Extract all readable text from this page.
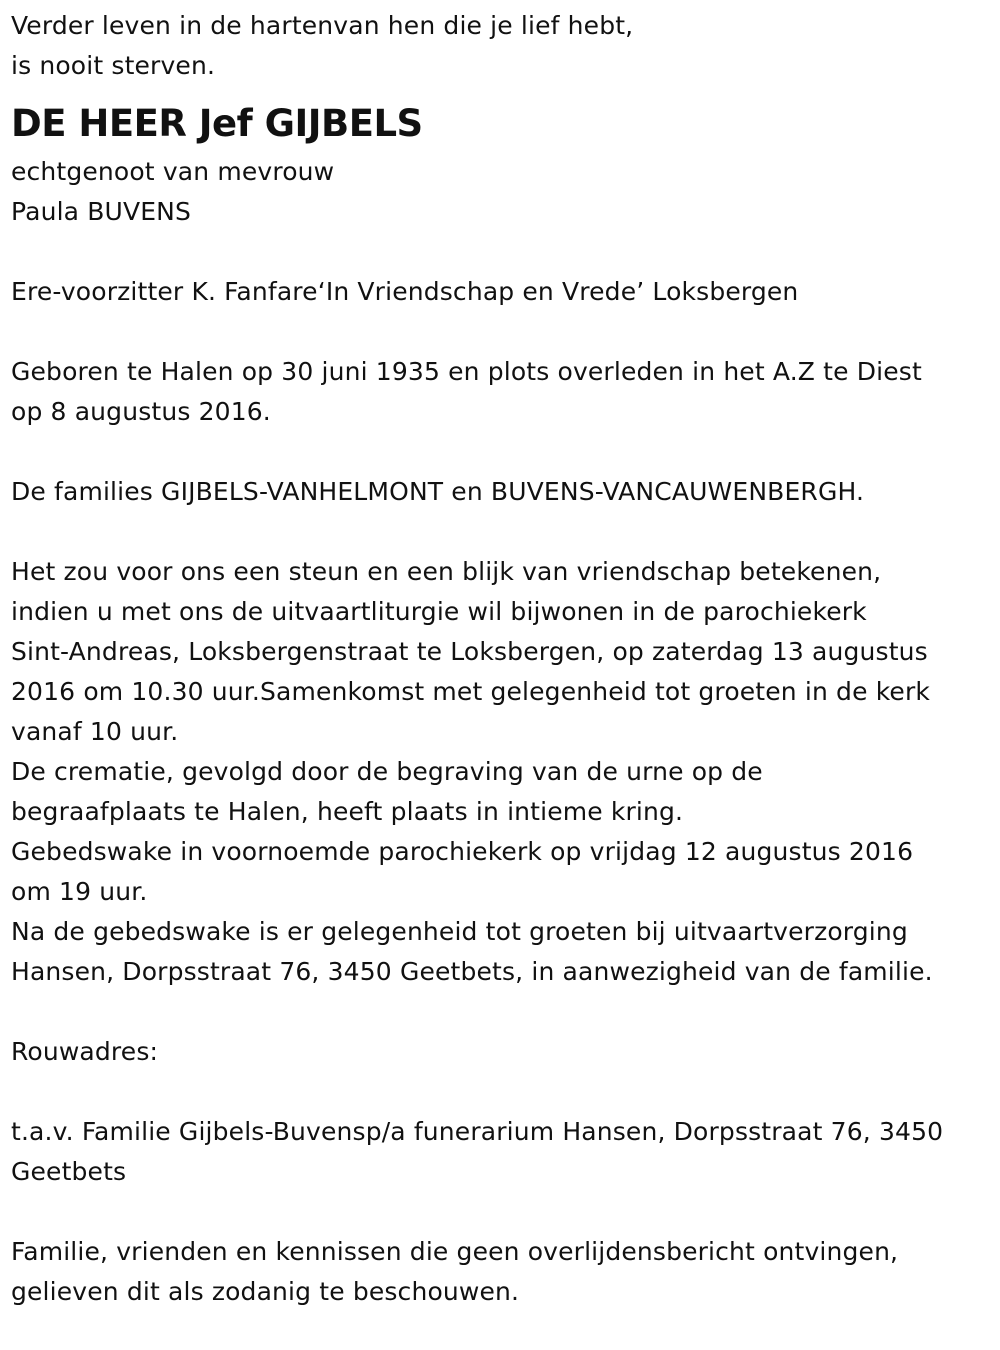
Verder leven in de hartenvan hen die je lief hebt,
is nooit sterven.
DE HEER Jef GIJBELS
echtgenoot van mevrouw
Paula BUVENS
Ere-voorzitter K. Fanfare‘In Vriendschap en Vrede’ Loksbergen
Geboren te Halen op 30 juni 1935 en plots overleden in het A.Z te Diest
op 8 augustus 2016.
De families GIJBELS-VANHELMONT en BUVENS-VANCAUWENBERGH.
Het zou voor ons een steun en een blijk van vriendschap betekenen,
indien u met ons de uitvaartliturgie wil bijwonen in de parochiekerk
Sint-Andreas, Loksbergenstraat te Loksbergen, op zaterdag 13 augustus
2016 om 10.30 uur.Samenkomst met gelegenheid tot groeten in de kerk
vanaf 10 uur.
De crematie, gevolgd door de begraving van de urne op de
begraafplaats te Halen, heeft plaats in intieme kring.
Gebedswake in voornoemde parochiekerk op vrijdag 12 augustus 2016
om 19 uur.
Na de gebedswake is er gelegenheid tot groeten bij uitvaartverzorging
Hansen, Dorpsstraat 76, 3450 Geetbets, in aanwezigheid van de familie.
Rouwadres:
t.a.v. Familie Gijbels-Buvensp/a funerarium Hansen, Dorpsstraat 76, 3450
Geetbets
Familie, vrienden en kennissen die geen overlijdensbericht ontvingen,
gelieven dit als zodanig te beschouwen.
